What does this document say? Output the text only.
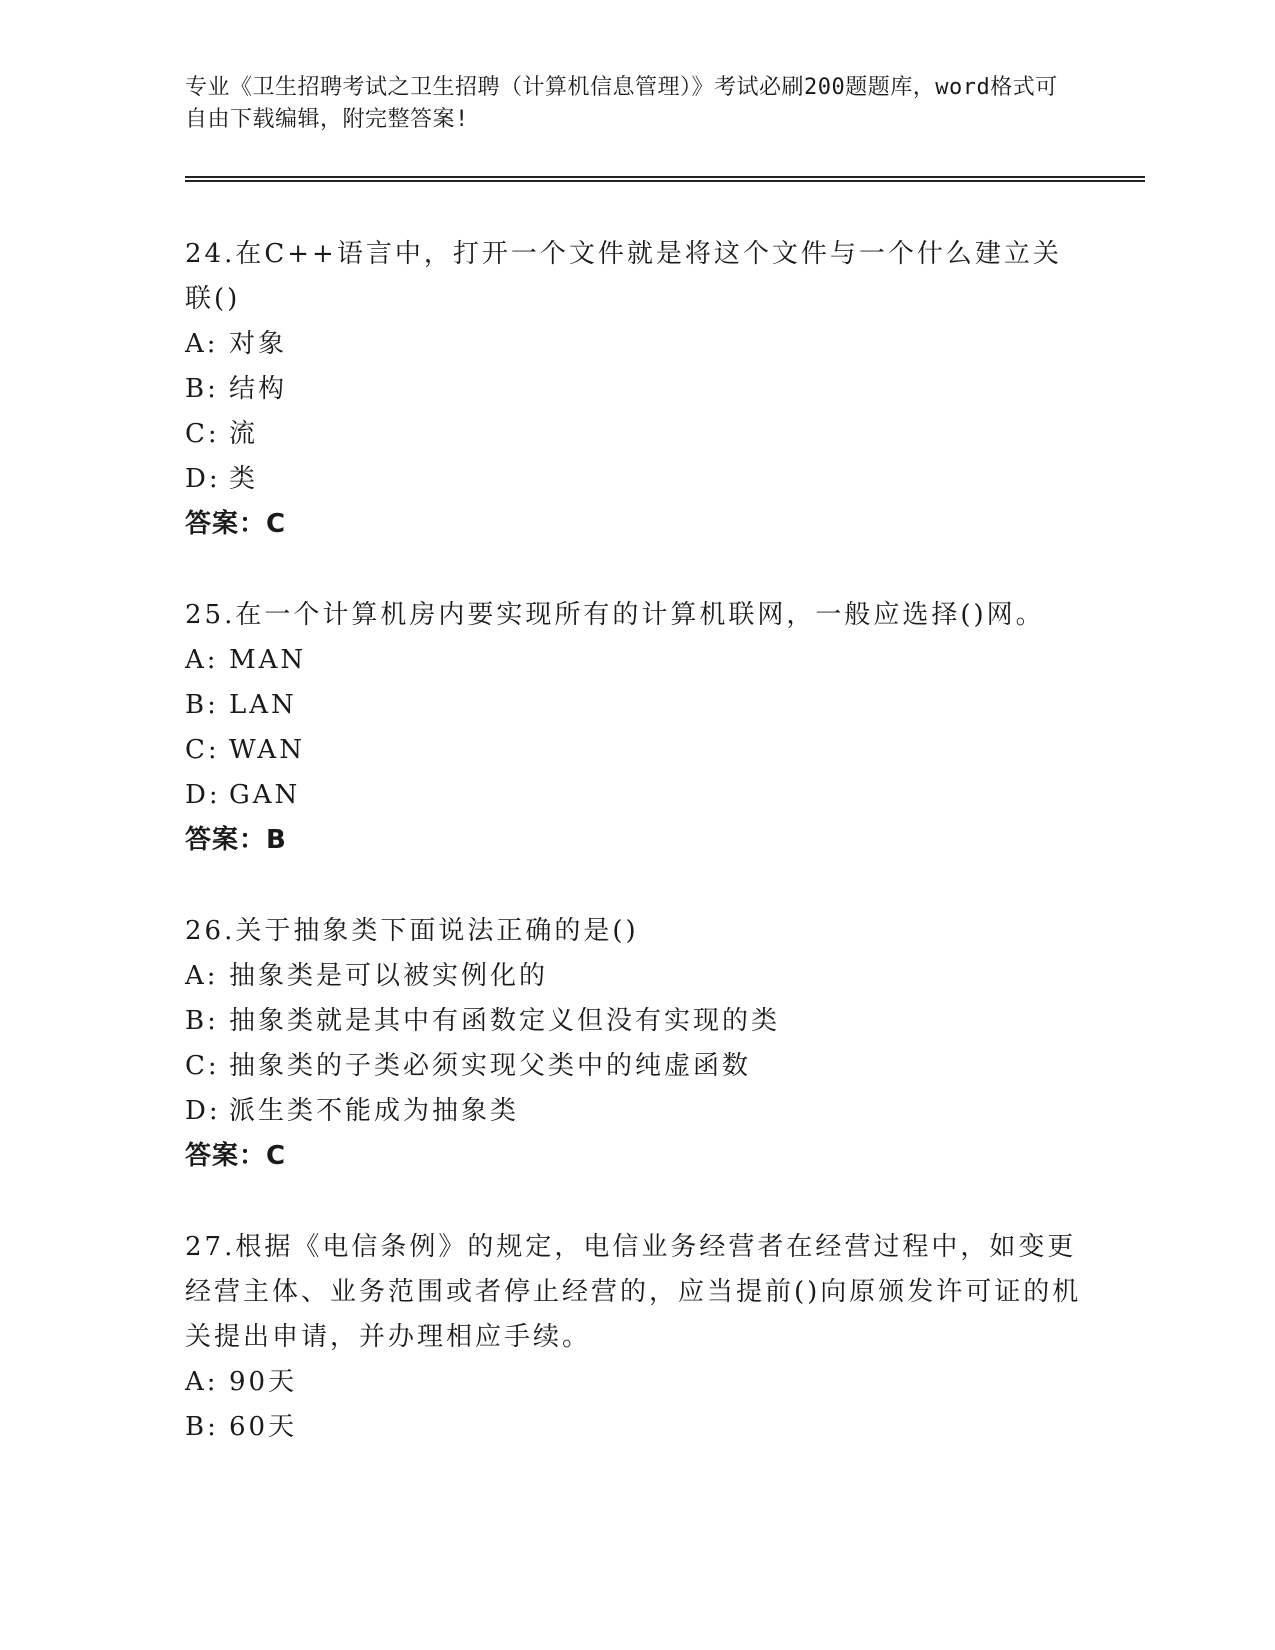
专业《卫生招聘考试之卫生招聘（计算机信息管理）》考试必刷200题题库，word格式可自由下载编辑，附完整答案!

24.在C++语言中，打开一个文件就是将这个文件与一个什么建立关联()

A: 对象
B: 结构
C: 流
D: 类
答案：C

25.在一个计算机房内要实现所有的计算机联网，一般应选择()网。

A: MAN
B: LAN
C: WAN
D: GAN
答案：B

26.关于抽象类下面说法正确的是()

A: 抽象类是可以被实例化的
B: 抽象类就是其中有函数定义但没有实现的类
C: 抽象类的子类必须实现父类中的纯虚函数
D: 派生类不能成为抽象类
答案：C

27.根据《电信条例》的规定，电信业务经营者在经营过程中，如变更经营主体、业务范围或者停止经营的，应当提前()向原颁发许可证的机关提出申请，并办理相应手续。

A: 90天
B: 60天
